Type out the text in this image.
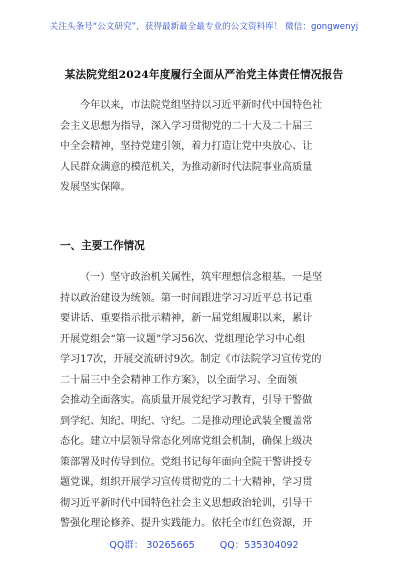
关注头条号“公文研究”，获得最新最全最专业的公文资料库！ 微信：gongwenyj
某法院党组2024年度履行全面从严治党主体责任情况报告
今年以来，市法院党组坚持以习近平新时代中国特色社
会主义思想为指导，深入学习贯彻党的二十大及二十届三
中全会精神，坚持党建引领，着力打造让党中央放心、让
人民群众满意的模范机关，为推动新时代法院事业高质量
发展坚实保障。
一、主要工作情况
（一）坚守政治机关属性，筑牢理想信念根基。一是坚
持以政治建设为统领。第一时间跟进学习习近平总书记重
要讲话、重要指示批示精神，新一届党组履职以来，累计
开展党组会“第一议题”学习56次、党组理论学习中心组
学习17次，开展交流研讨9次。制定《市法院学习宣传党的
二十届三中全会精神工作方案》，以全面学习、全面领
会推动全面落实。高质量开展党纪学习教育，引导干警做
到学纪、知纪、明纪、守纪。二是推动理论武装全覆盖常
态化。建立中层领导常态化列席党组会机制，确保上级决
策部署及时传导到位。党组书记每年面向全院干警讲授专
题党课，组织开展学习宣传贯彻党的二十大精神，学习贯
彻习近平新时代中国特色社会主义思想政治轮训，引导干
警强化理论修养、提升实践能力。依托全市红色资源，开
QQ群： 30265665	QQ：535304092
